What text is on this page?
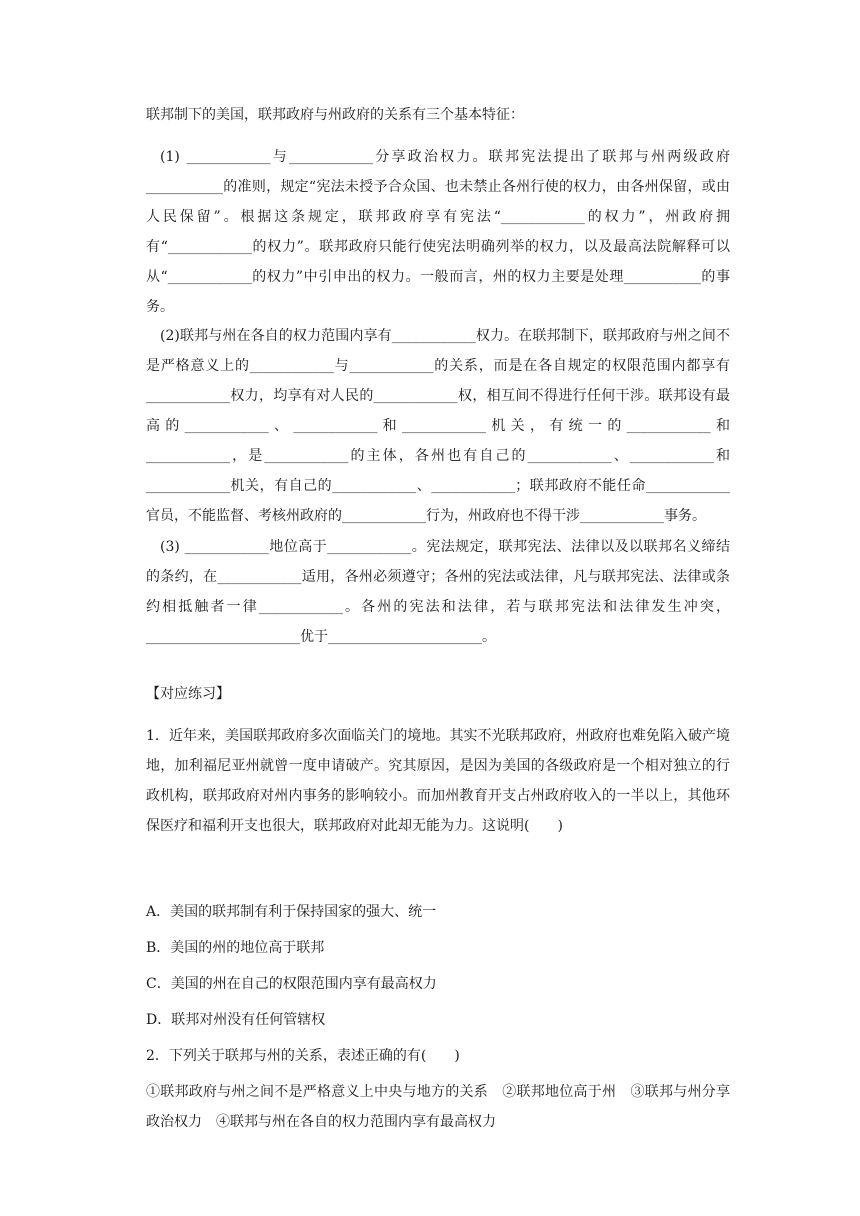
联邦制下的美国，联邦政府与州政府的关系有三个基本特征：

(1) ____________与____________分享政治权力。联邦宪法提出了联邦与州两级政府___________的准则，规定“宪法未授予合众国、也未禁止各州行使的权力，由各州保留，或由人民保留”。根据这条规定，联邦政府享有宪法“____________的权力”，州政府拥有“____________的权力”。联邦政府只能行使宪法明确列举的权力，以及最高法院解释可以从“____________的权力”中引申出的权力。一般而言，州的权力主要是处理___________的事务。

(2)联邦与州在各自的权力范围内享有____________权力。在联邦制下，联邦政府与州之间不是严格意义上的____________与____________的关系，而是在各自规定的权限范围内都享有____________权力，均享有对人民的____________权，相互间不得进行任何干涉。联邦设有最高的____________、____________和____________机关，有统一的____________和____________，是____________的主体，各州也有自己的____________、____________和____________机关，有自己的____________、____________；联邦政府不能任命____________官员，不能监督、考核州政府的____________行为，州政府也不得干涉____________事务。

(3) ____________地位高于____________。宪法规定，联邦宪法、法律以及以联邦名义缔结的条约，在____________适用，各州必须遵守；各州的宪法或法律，凡与联邦宪法、法律或条约相抵触者一律____________。各州的宪法和法律，若与联邦宪法和法律发生冲突，______________________优于______________________。

【对应练习】

1．近年来，美国联邦政府多次面临关门的境地。其实不光联邦政府，州政府也难免陷入破产境地，加利福尼亚州就曾一度申请破产。究其原因，是因为美国的各级政府是一个相对独立的行政机构，联邦政府对州内事务的影响较小。而加州教育开支占州政府收入的一半以上，其他环保医疗和福利开支也很大，联邦政府对此却无能为力。这说明(　　)

A．美国的联邦制有利于保持国家的强大、统一

B．美国的州的地位高于联邦

C．美国的州在自己的权限范围内享有最高权力

D．联邦对州没有任何管辖权

2．下列关于联邦与州的关系，表述正确的有(　　)

①联邦政府与州之间不是严格意义上中央与地方的关系　②联邦地位高于州　③联邦与州分享政治权力　④联邦与州在各自的权力范围内享有最高权力
